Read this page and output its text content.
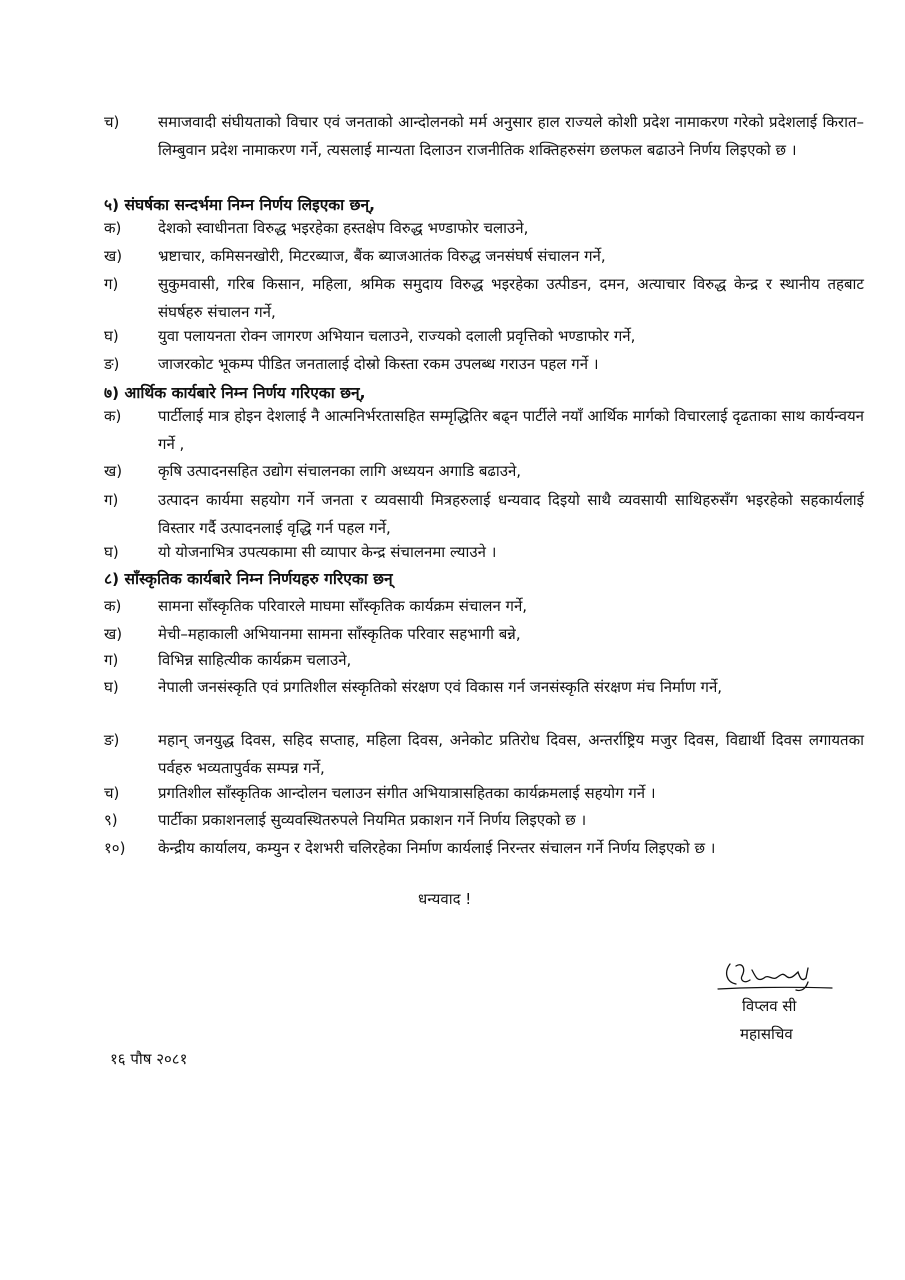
च)	समाजवादी संघीयताको विचार एवं जनताको आन्दोलनको मर्म अनुसार हाल राज्यले कोशी प्रदेश नामाकरण गरेको प्रदेशलाई किरात–लिम्बुवान प्रदेश नामाकरण गर्ने, त्यसलाई मान्यता दिलाउन राजनीतिक शक्तिहरुसंग छलफल बढाउने निर्णय लिइएको छ ।
५) संघर्षका सन्दर्भमा निम्न निर्णय लिइएका छन्,
क) देशको स्वाधीनता विरुद्ध भइरहेका हस्तक्षेप विरुद्ध भण्डाफोर चलाउने,
ख) भ्रष्टाचार, कमिसनखोरी, मिटरब्याज, बैंक ब्याजआतंक विरुद्ध जनसंघर्ष संचालन गर्ने,
ग)	सुकुमवासी, गरिब किसान, महिला, श्रमिक समुदाय विरुद्ध भइरहेका उत्पीडन, दमन, अत्याचार विरुद्ध केन्द्र र स्थानीय तहबाट संघर्षहरु संचालन गर्ने,
घ)	युवा पलायनता रोक्न जागरण अभियान चलाउने, राज्यको दलाली प्रवृत्तिको भण्डाफोर गर्ने,
ङ)	जाजरकोट भूकम्प पीडित जनतालाई दोस्रो किस्ता रकम उपलब्ध गराउन पहल गर्ने ।
७) आर्थिक कार्यबारे निम्न निर्णय गरिएका छन्,
क) पार्टीलाई मात्र होइन देशलाई नै आत्मनिर्भरतासहित सम्मृद्धितिर बढ्न पार्टीले नयाँ आर्थिक मार्गको विचारलाई दृढताका साथ कार्यन्वयन गर्ने ,
ख) कृषि उत्पादनसहित उद्योग संचालनका लागि अध्ययन अगाडि बढाउने,
ग)	उत्पादन कार्यमा सहयोग गर्ने जनता र व्यवसायी मित्रहरुलाई धन्यवाद दिइयो साथै व्यवसायी साथिहरुसँग भइरहेको सहकार्यलाई विस्तार गर्दै उत्पादनलाई वृद्धि गर्न पहल गर्ने,
घ)	यो योजनाभित्र उपत्यकामा सी व्यापार केन्द्र संचालनमा ल्याउने ।
८) साँस्कृतिक कार्यबारे निम्न निर्णयहरु गरिएका छन्
क) सामना साँस्कृतिक परिवारले माघमा साँस्कृतिक कार्यक्रम संचालन गर्ने,
ख) मेची–महाकाली अभियानमा सामना साँस्कृतिक परिवार सहभागी बन्ने,
ग)	विभिन्न साहित्यीक कार्यक्रम चलाउने,
घ)	नेपाली जनसंस्कृति एवं प्रगतिशील संस्कृतिको संरक्षण एवं विकास गर्न जनसंस्कृति संरक्षण मंच निर्माण गर्ने,
ङ)	महान् जनयुद्ध दिवस, सहिद सप्ताह, महिला दिवस, अनेकोट प्रतिरोध दिवस, अन्तर्राष्ट्रिय मजुर दिवस, विद्यार्थी दिवस लगायतका पर्वहरु भव्यतापुर्वक सम्पन्न गर्ने,
च)	प्रगतिशील साँस्कृतिक आन्दोलन चलाउन संगीत अभियात्रासहितका कार्यक्रमलाई सहयोग गर्ने ।
९)	पार्टीका प्रकाशनलाई सुव्यवस्थितरुपले नियमित प्रकाशन गर्ने निर्णय लिइएको छ ।
१०) केन्द्रीय कार्यालय, कम्युन र देशभरी चलिरहेका निर्माण कार्यलाई निरन्तर संचालन गर्ने निर्णय लिइएको छ ।
धन्यवाद !
विप्लव सी
महासचिव
१६ पौष २०८१
